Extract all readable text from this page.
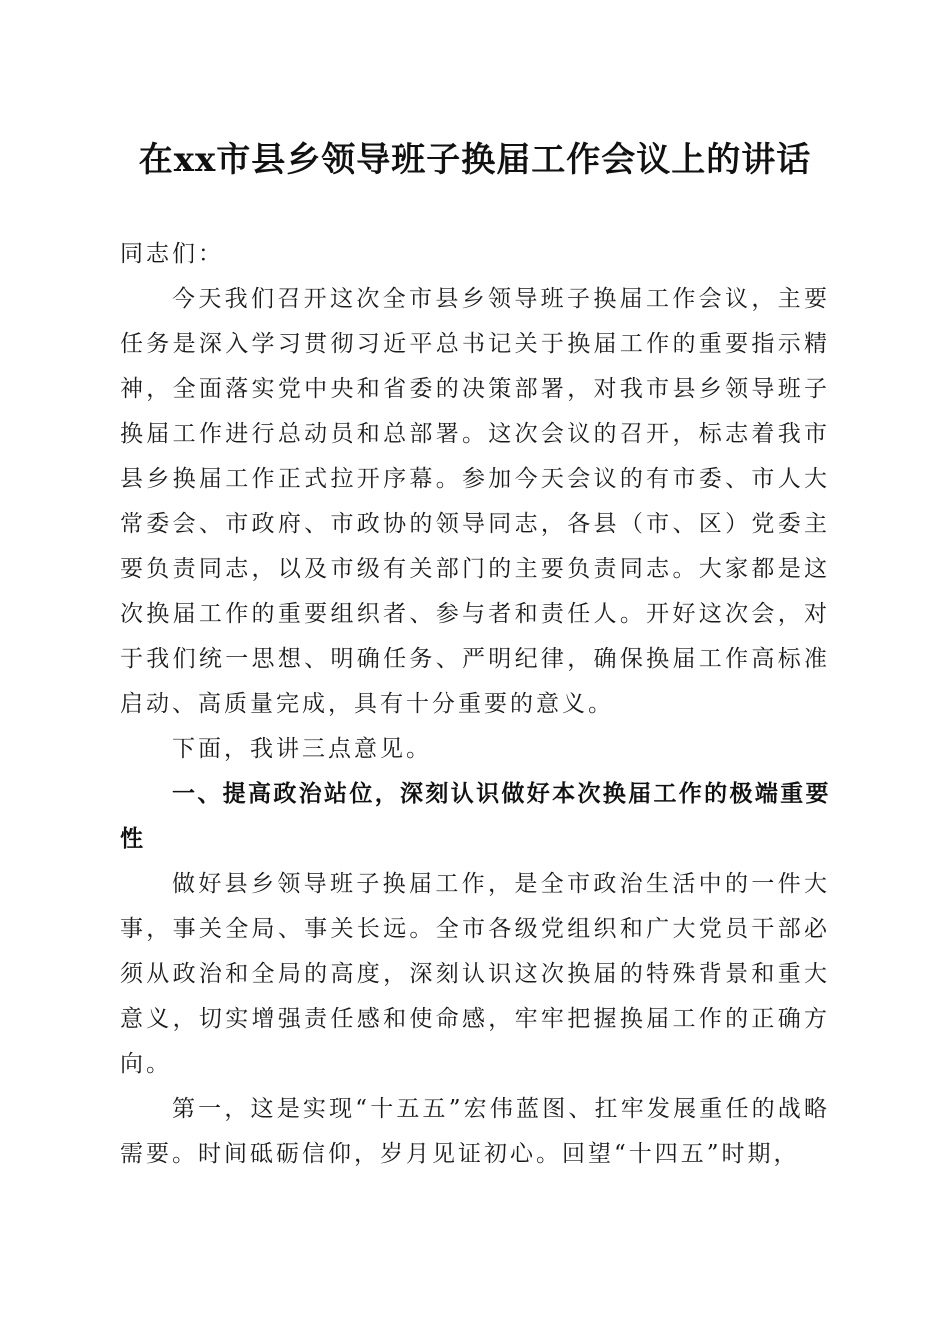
在xx市县乡领导班子换届工作会议上的讲话

同志们：

今天我们召开这次全市县乡领导班子换届工作会议，主要任务是深入学习贯彻习近平总书记关于换届工作的重要指示精神，全面落实党中央和省委的决策部署，对我市县乡领导班子换届工作进行总动员和总部署。这次会议的召开，标志着我市县乡换届工作正式拉开序幕。参加今天会议的有市委、市人大常委会、市政府、市政协的领导同志，各县（市、区）党委主要负责同志，以及市级有关部门的主要负责同志。大家都是这次换届工作的重要组织者、参与者和责任人。开好这次会，对于我们统一思想、明确任务、严明纪律，确保换届工作高标准启动、高质量完成，具有十分重要的意义。

下面，我讲三点意见。

一、提高政治站位，深刻认识做好本次换届工作的极端重要性

做好县乡领导班子换届工作，是全市政治生活中的一件大事，事关全局、事关长远。全市各级党组织和广大党员干部必须从政治和全局的高度，深刻认识这次换届的特殊背景和重大意义，切实增强责任感和使命感，牢牢把握换届工作的正确方向。

第一，这是实现“十五五”宏伟蓝图、扛牢发展重任的战略需要。时间砥砺信仰，岁月见证初心。回望“十四五”时期，
